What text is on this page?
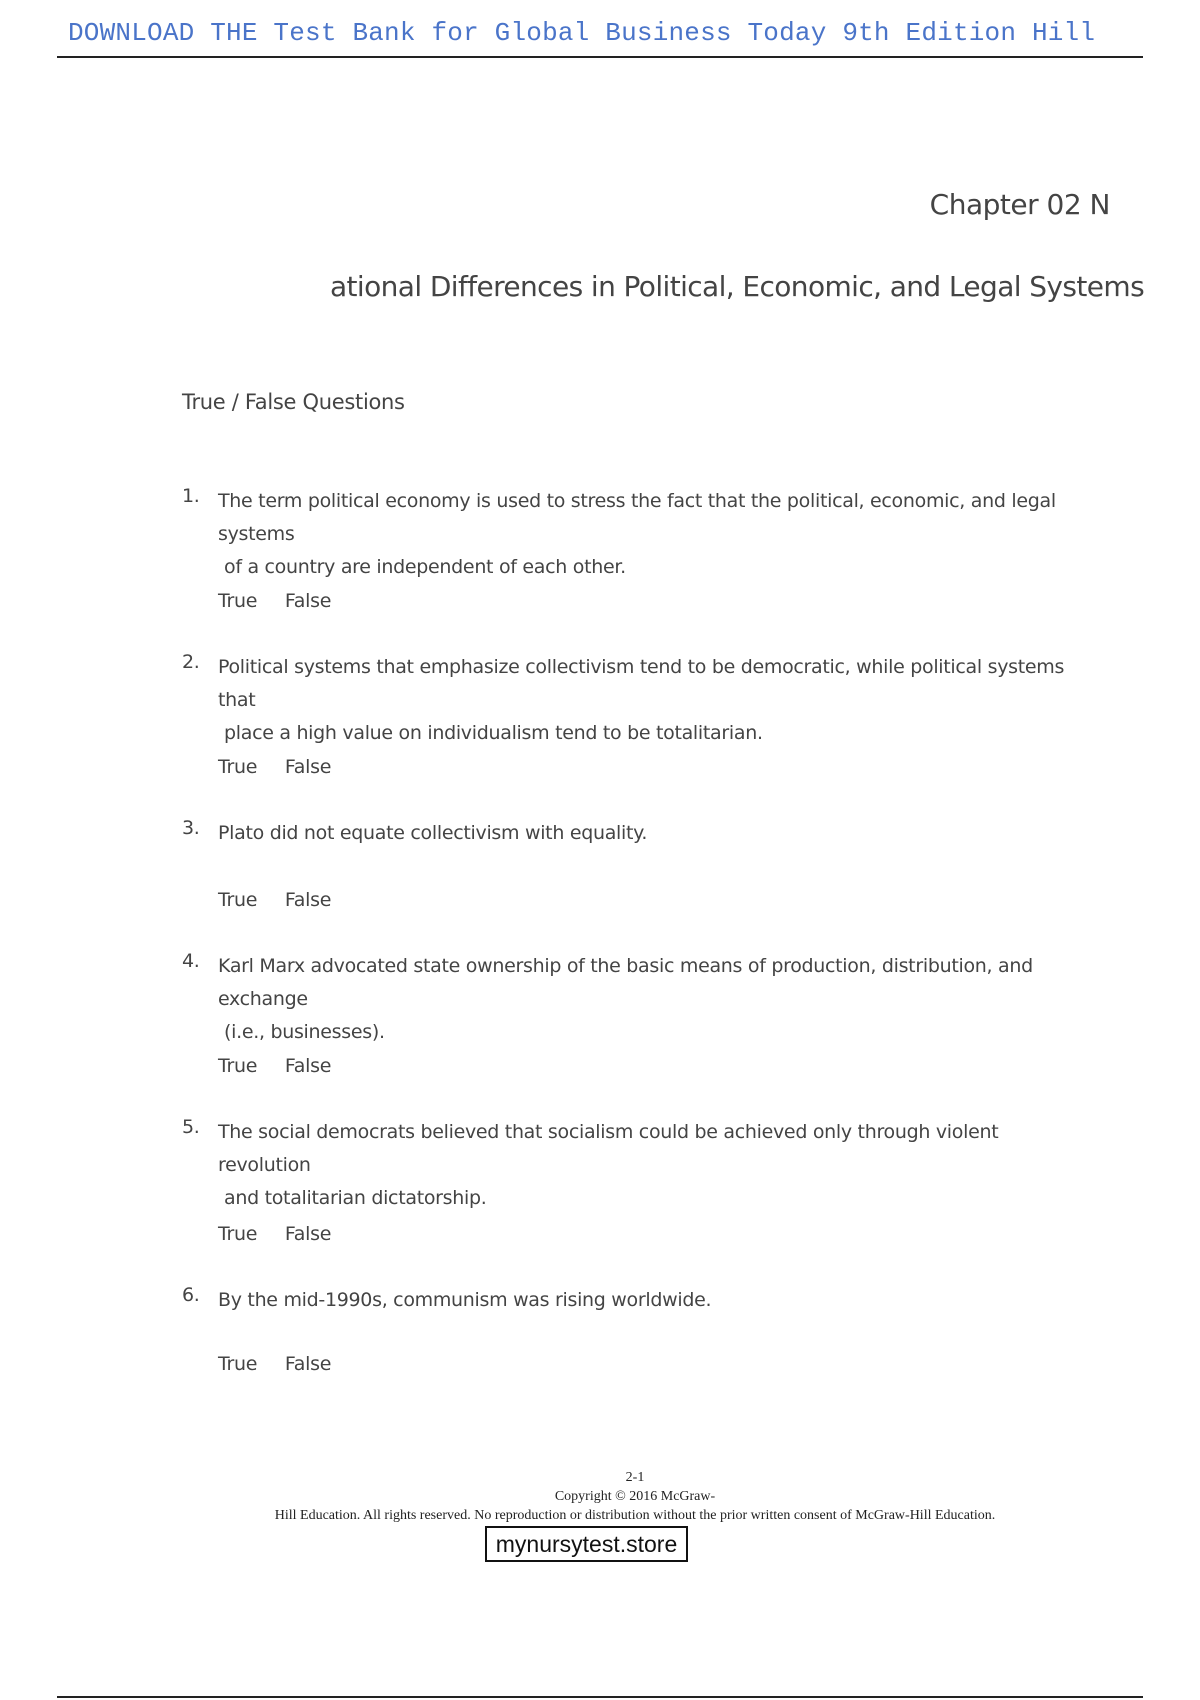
DOWNLOAD THE Test Bank for Global Business Today 9th Edition Hill
Chapter 02 N
ational Differences in Political, Economic, and Legal Systems
True / False Questions
1. The term political economy is used to stress the fact that the political, economic, and legal systems
of a country are independent of each other.
True False
2. Political systems that emphasize collectivism tend to be democratic, while political systems that
place a high value on individualism tend to be totalitarian.
True False
3. Plato did not equate collectivism with equality.
True False
4. Karl Marx advocated state ownership of the basic means of production, distribution, and exchange
(i.e., businesses).
True False
5. The social democrats believed that socialism could be achieved only through violent revolution
and totalitarian dictatorship.
True False
6. By the mid-1990s, communism was rising worldwide.
True False
2-1
Copyright © 2016 McGraw-
Hill Education. All rights reserved. No reproduction or distribution without the prior written consent of McGraw-Hill Education.
mynursytest.store
